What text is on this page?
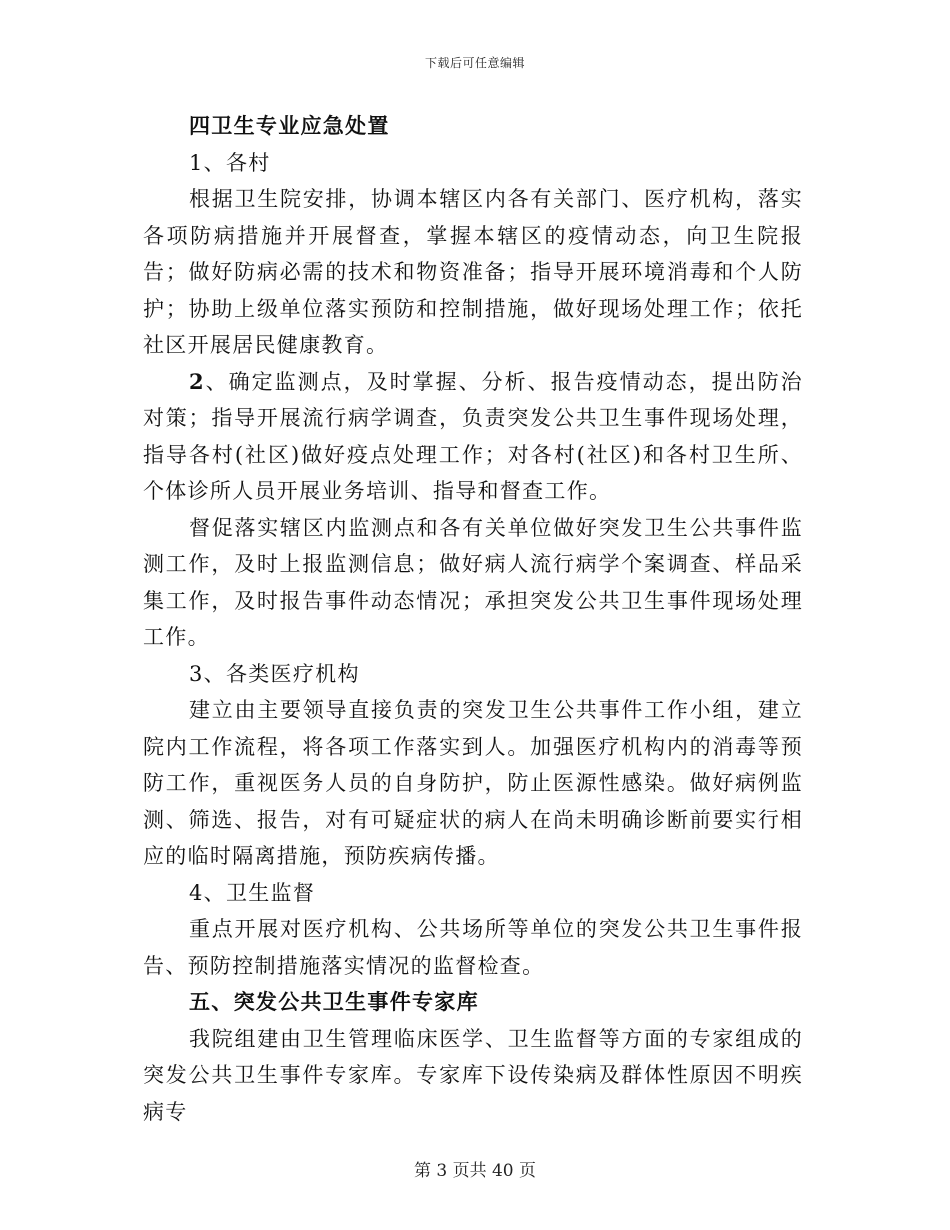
下载后可任意编辑

四卫生专业应急处置

1、各村

根据卫生院安排，协调本辖区内各有关部门、医疗机构，落实各项防病措施并开展督查，掌握本辖区的疫情动态，向卫生院报告；做好防病必需的技术和物资准备；指导开展环境消毒和个人防护；协助上级单位落实预防和控制措施，做好现场处理工作；依托社区开展居民健康教育。

2、确定监测点，及时掌握、分析、报告疫情动态，提出防治对策；指导开展流行病学调查，负责突发公共卫生事件现场处理，指导各村(社区)做好疫点处理工作；对各村(社区)和各村卫生所、个体诊所人员开展业务培训、指导和督查工作。

督促落实辖区内监测点和各有关单位做好突发卫生公共事件监测工作，及时上报监测信息；做好病人流行病学个案调查、样品采集工作，及时报告事件动态情况；承担突发公共卫生事件现场处理工作。

3、各类医疗机构

建立由主要领导直接负责的突发卫生公共事件工作小组，建立院内工作流程，将各项工作落实到人。加强医疗机构内的消毒等预防工作，重视医务人员的自身防护，防止医源性感染。做好病例监测、筛选、报告，对有可疑症状的病人在尚未明确诊断前要实行相应的临时隔离措施，预防疾病传播。

4、卫生监督

重点开展对医疗机构、公共场所等单位的突发公共卫生事件报告、预防控制措施落实情况的监督检查。

五、突发公共卫生事件专家库

我院组建由卫生管理临床医学、卫生监督等方面的专家组成的突发公共卫生事件专家库。专家库下设传染病及群体性原因不明疾病专

第 3 页共 40 页
